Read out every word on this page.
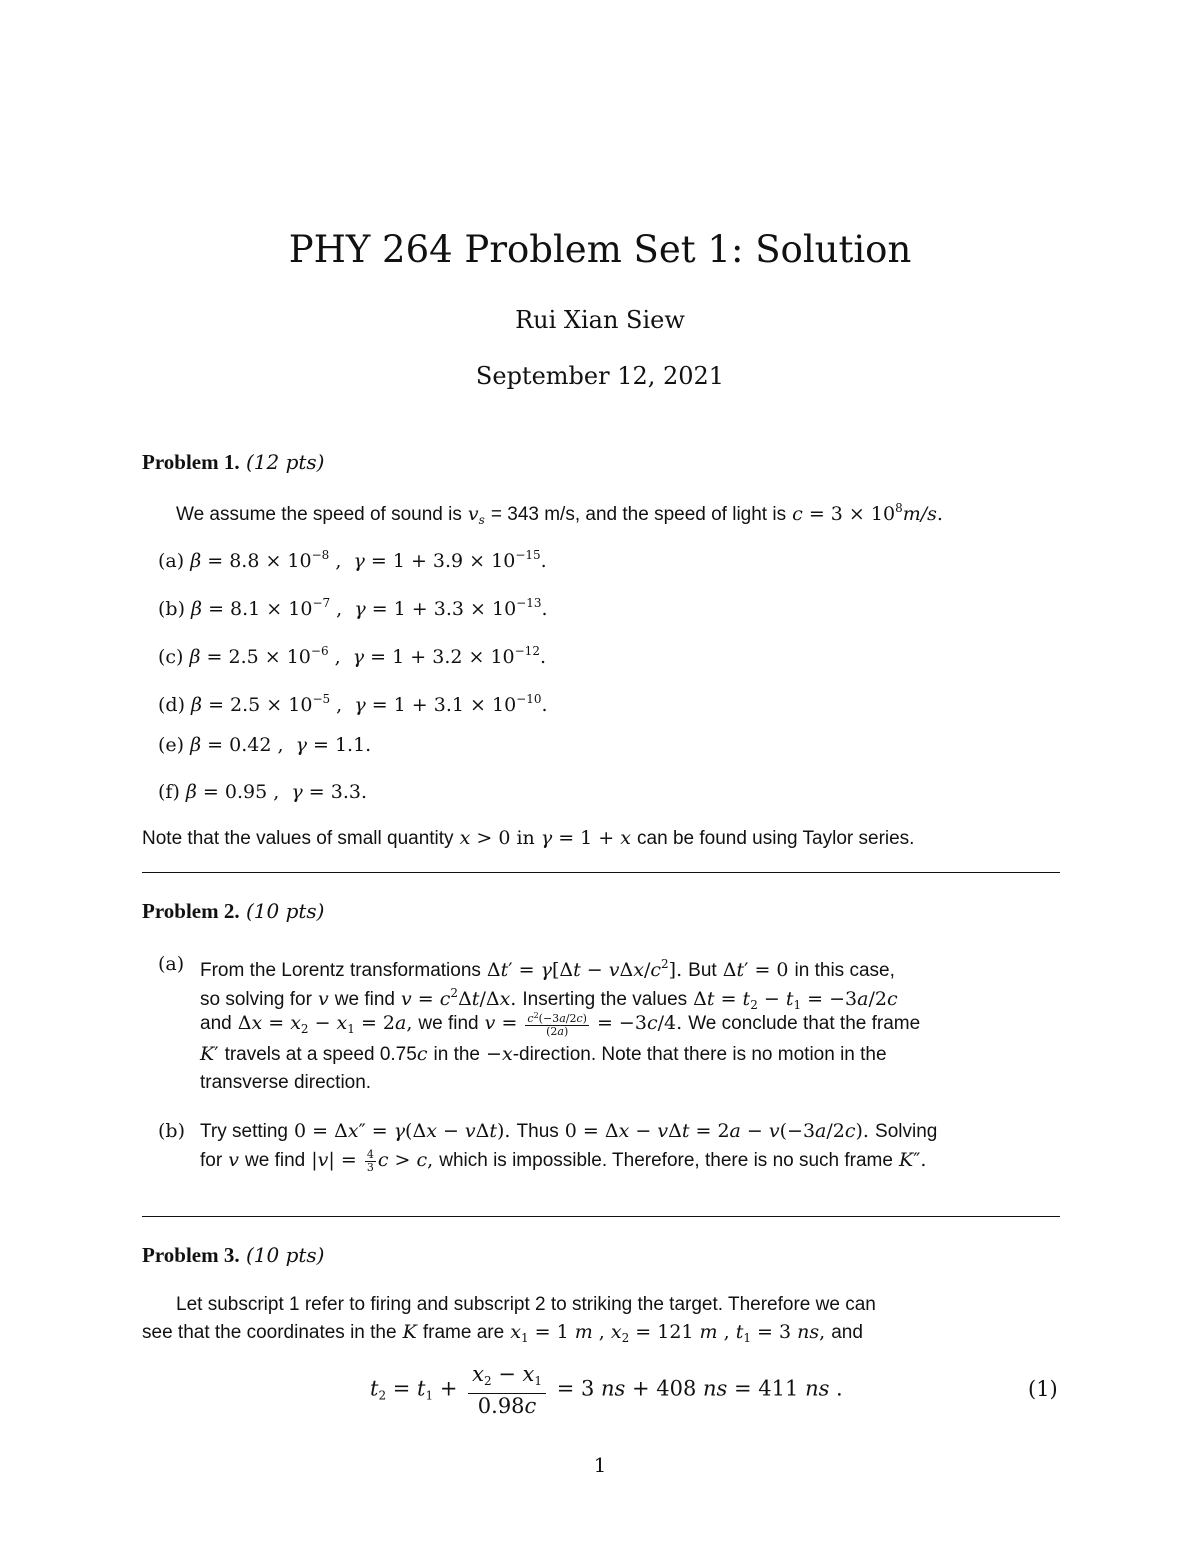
PHY 264 Problem Set 1: Solution
Rui Xian Siew
September 12, 2021
Problem 1. (12 pts)
We assume the speed of sound is $v_s = 343$ m/s, and the speed of light is $c = 3 \times 10^8m/s$.
(a) $\beta = 8.8 \times 10^{-8}$ ,  $\gamma = 1 + 3.9 \times 10^{-15}$.
(b) $\beta = 8.1 \times 10^{-7}$ ,  $\gamma = 1 + 3.3 \times 10^{-13}$.
(c) $\beta = 2.5 \times 10^{-6}$ ,  $\gamma = 1 + 3.2 \times 10^{-12}$.
(d) $\beta = 2.5 \times 10^{-5}$ ,  $\gamma = 1 + 3.1 \times 10^{-10}$.
(e) β = 0.42 ,  γ = 1.1.
(f) β = 0.95 ,  γ = 3.3.
Note that the values of small quantity x > 0 in γ = 1 + x can be found using Taylor series.
Problem 2. (10 pts)
(a) From the Lorentz transformations Δt′ = γ[Δt − vΔx/$c^2$]. But Δt′ = 0 in this case,
so solving for v we find $v = c^2\Delta t/\Delta x$. Inserting the values $\Delta t = t_2 - t_1 = -3a/2c$
and $\Delta x = x_2 - x_1 = 2a$, we find $v = \frac{c^2(-3a/2c)}{(2a)} = -3c/4$. We conclude that the frame
K′ travels at a speed 0.75c in the −x-direction. Note that there is no motion in the
transverse direction.
(b) Try setting 0 = Δx″ = γ(Δx − vΔt). Thus 0 = Δx − vΔt = 2a − v(−3a/2c). Solving
for v we find $|v| = \frac{4}{3}$ c > c, which is impossible. Therefore, there is no such frame K″.
Problem 3. (10 pts)
Let subscript 1 refer to firing and subscript 2 to striking the target. Therefore we can
see that the coordinates in the K frame are $x_1 = 1$ m , $x_2 = 121$ m , $t_1 = 3$ ns, and
$t_2 = t_1 + \frac{x_2 - x_1}{0.98c} = 3$ ns + 408 ns = 411 ns .	(1)
1
